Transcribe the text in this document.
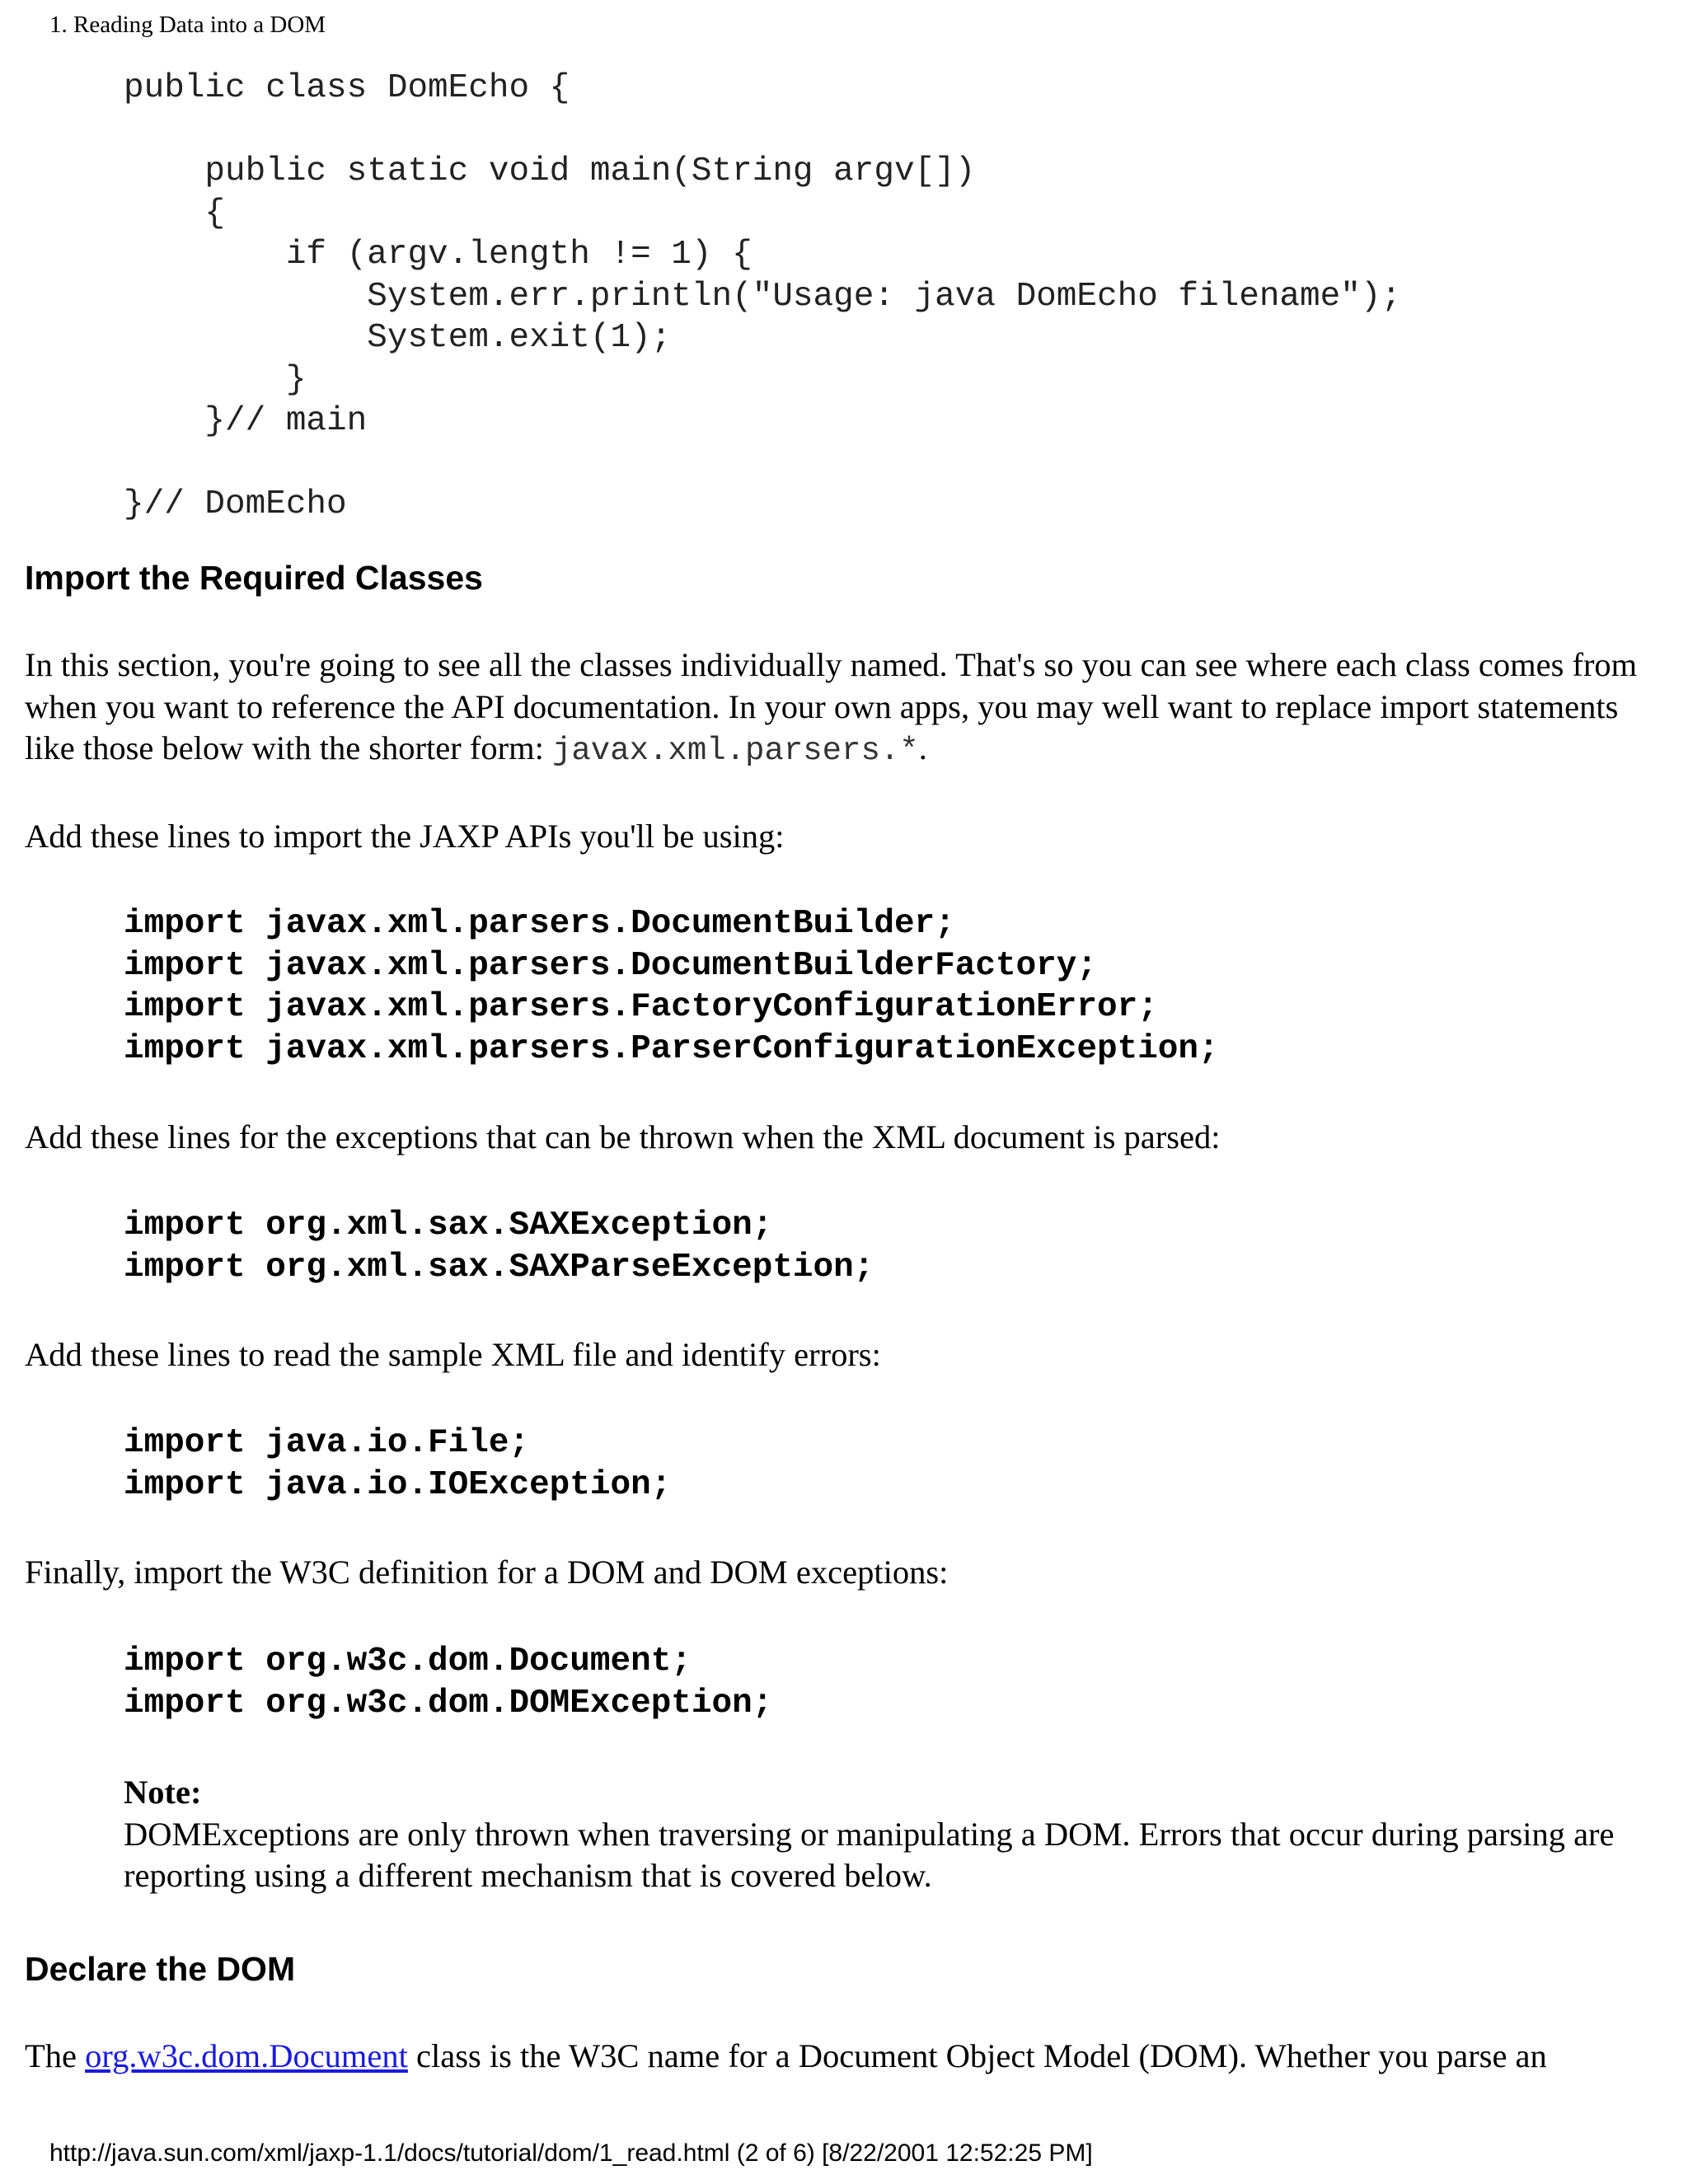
1. Reading Data into a DOM
public class DomEcho {

public static void main(String argv[])
{
if (argv.length != 1) {
System.err.println("Usage: java DomEcho filename");
System.exit(1);
}
}// main

}// DomEcho
Import the Required Classes

In this section, you're going to see all the classes individually named. That's so you can see where each class comes from when you want to reference the API documentation. In your own apps, you may well want to replace import statements like those below with the shorter form: javax.xml.parsers.*.

Add these lines to import the JAXP APIs you'll be using:

import javax.xml.parsers.DocumentBuilder;
import javax.xml.parsers.DocumentBuilderFactory;
import javax.xml.parsers.FactoryConfigurationError;
import javax.xml.parsers.ParserConfigurationException;

Add these lines for the exceptions that can be thrown when the XML document is parsed:

import org.xml.sax.SAXException;
import org.xml.sax.SAXParseException;

Add these lines to read the sample XML file and identify errors:

import java.io.File;
import java.io.IOException;

Finally, import the W3C definition for a DOM and DOM exceptions:

import org.w3c.dom.Document;
import org.w3c.dom.DOMException;
Note:
DOMExceptions are only thrown when traversing or manipulating a DOM. Errors that occur during parsing are reporting using a different mechanism that is covered below.
Declare the DOM

The org.w3c.dom.Document class is the W3C name for a Document Object Model (DOM). Whether you parse an

http://java.sun.com/xml/jaxp-1.1/docs/tutorial/dom/1_read.html (2 of 6) [8/22/2001 12:52:25 PM]
